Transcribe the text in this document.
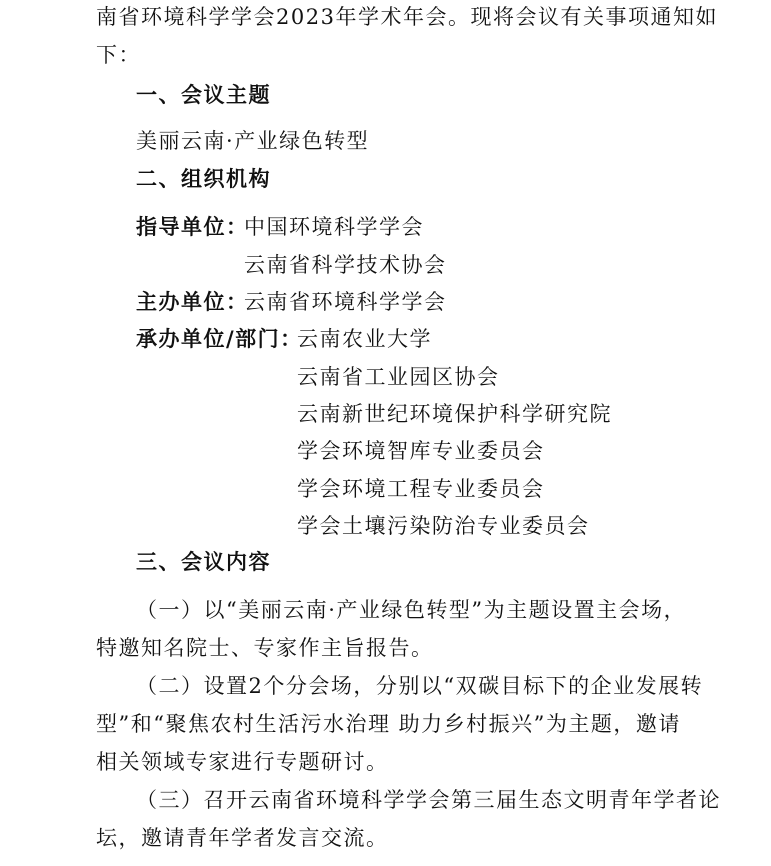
南省环境科学学会2023年学术年会。现将会议有关事项通知如
下：
一、会议主题
美丽云南·产业绿色转型
二、组织机构
指导单位：
中国环境科学学会
云南省科学技术协会
主办单位：
云南省环境科学学会
承办单位/部门：
云南农业大学
云南省工业园区协会
云南新世纪环境保护科学研究院
学会环境智库专业委员会
学会环境工程专业委员会
学会土壤污染防治专业委员会
三、会议内容
（一）以“美丽云南·产业绿色转型”为主题设置主会场，
特邀知名院士、专家作主旨报告。
（二）设置2个分会场，分别以“双碳目标下的企业发展转
型”和“聚焦农村生活污水治理 助力乡村振兴”为主题，邀请
相关领域专家进行专题研讨。
（三）召开云南省环境科学学会第三届生态文明青年学者论
坛，邀请青年学者发言交流。
